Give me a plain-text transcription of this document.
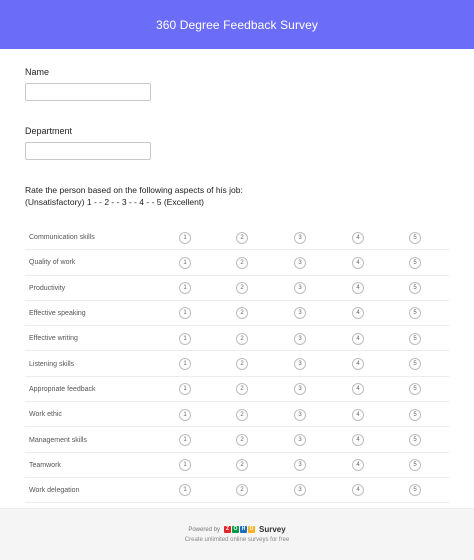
360 Degree Feedback Survey
Name
Department
Rate the person based on the following aspects of his job:
(Unsatisfactory) 1 - - 2 - - 3 - - 4 - - 5 (Excellent)
Communication skills	1	2	3	4	5
Quality of work	1	2	3	4	5
Productivity	1	2	3	4	5
Effective speaking	1	2	3	4	5
Effective writing	1	2	3	4	5
Listening skills	1	2	3	4	5
Appropriate feedback	1	2	3	4	5
Work ethic	1	2	3	4	5
Management skills	1	2	3	4	5
Teamwork	1	2	3	4	5
Work delegation	1	2	3	4	5
Powered by	Z O H O Survey
Create unlimited online surveys for free
